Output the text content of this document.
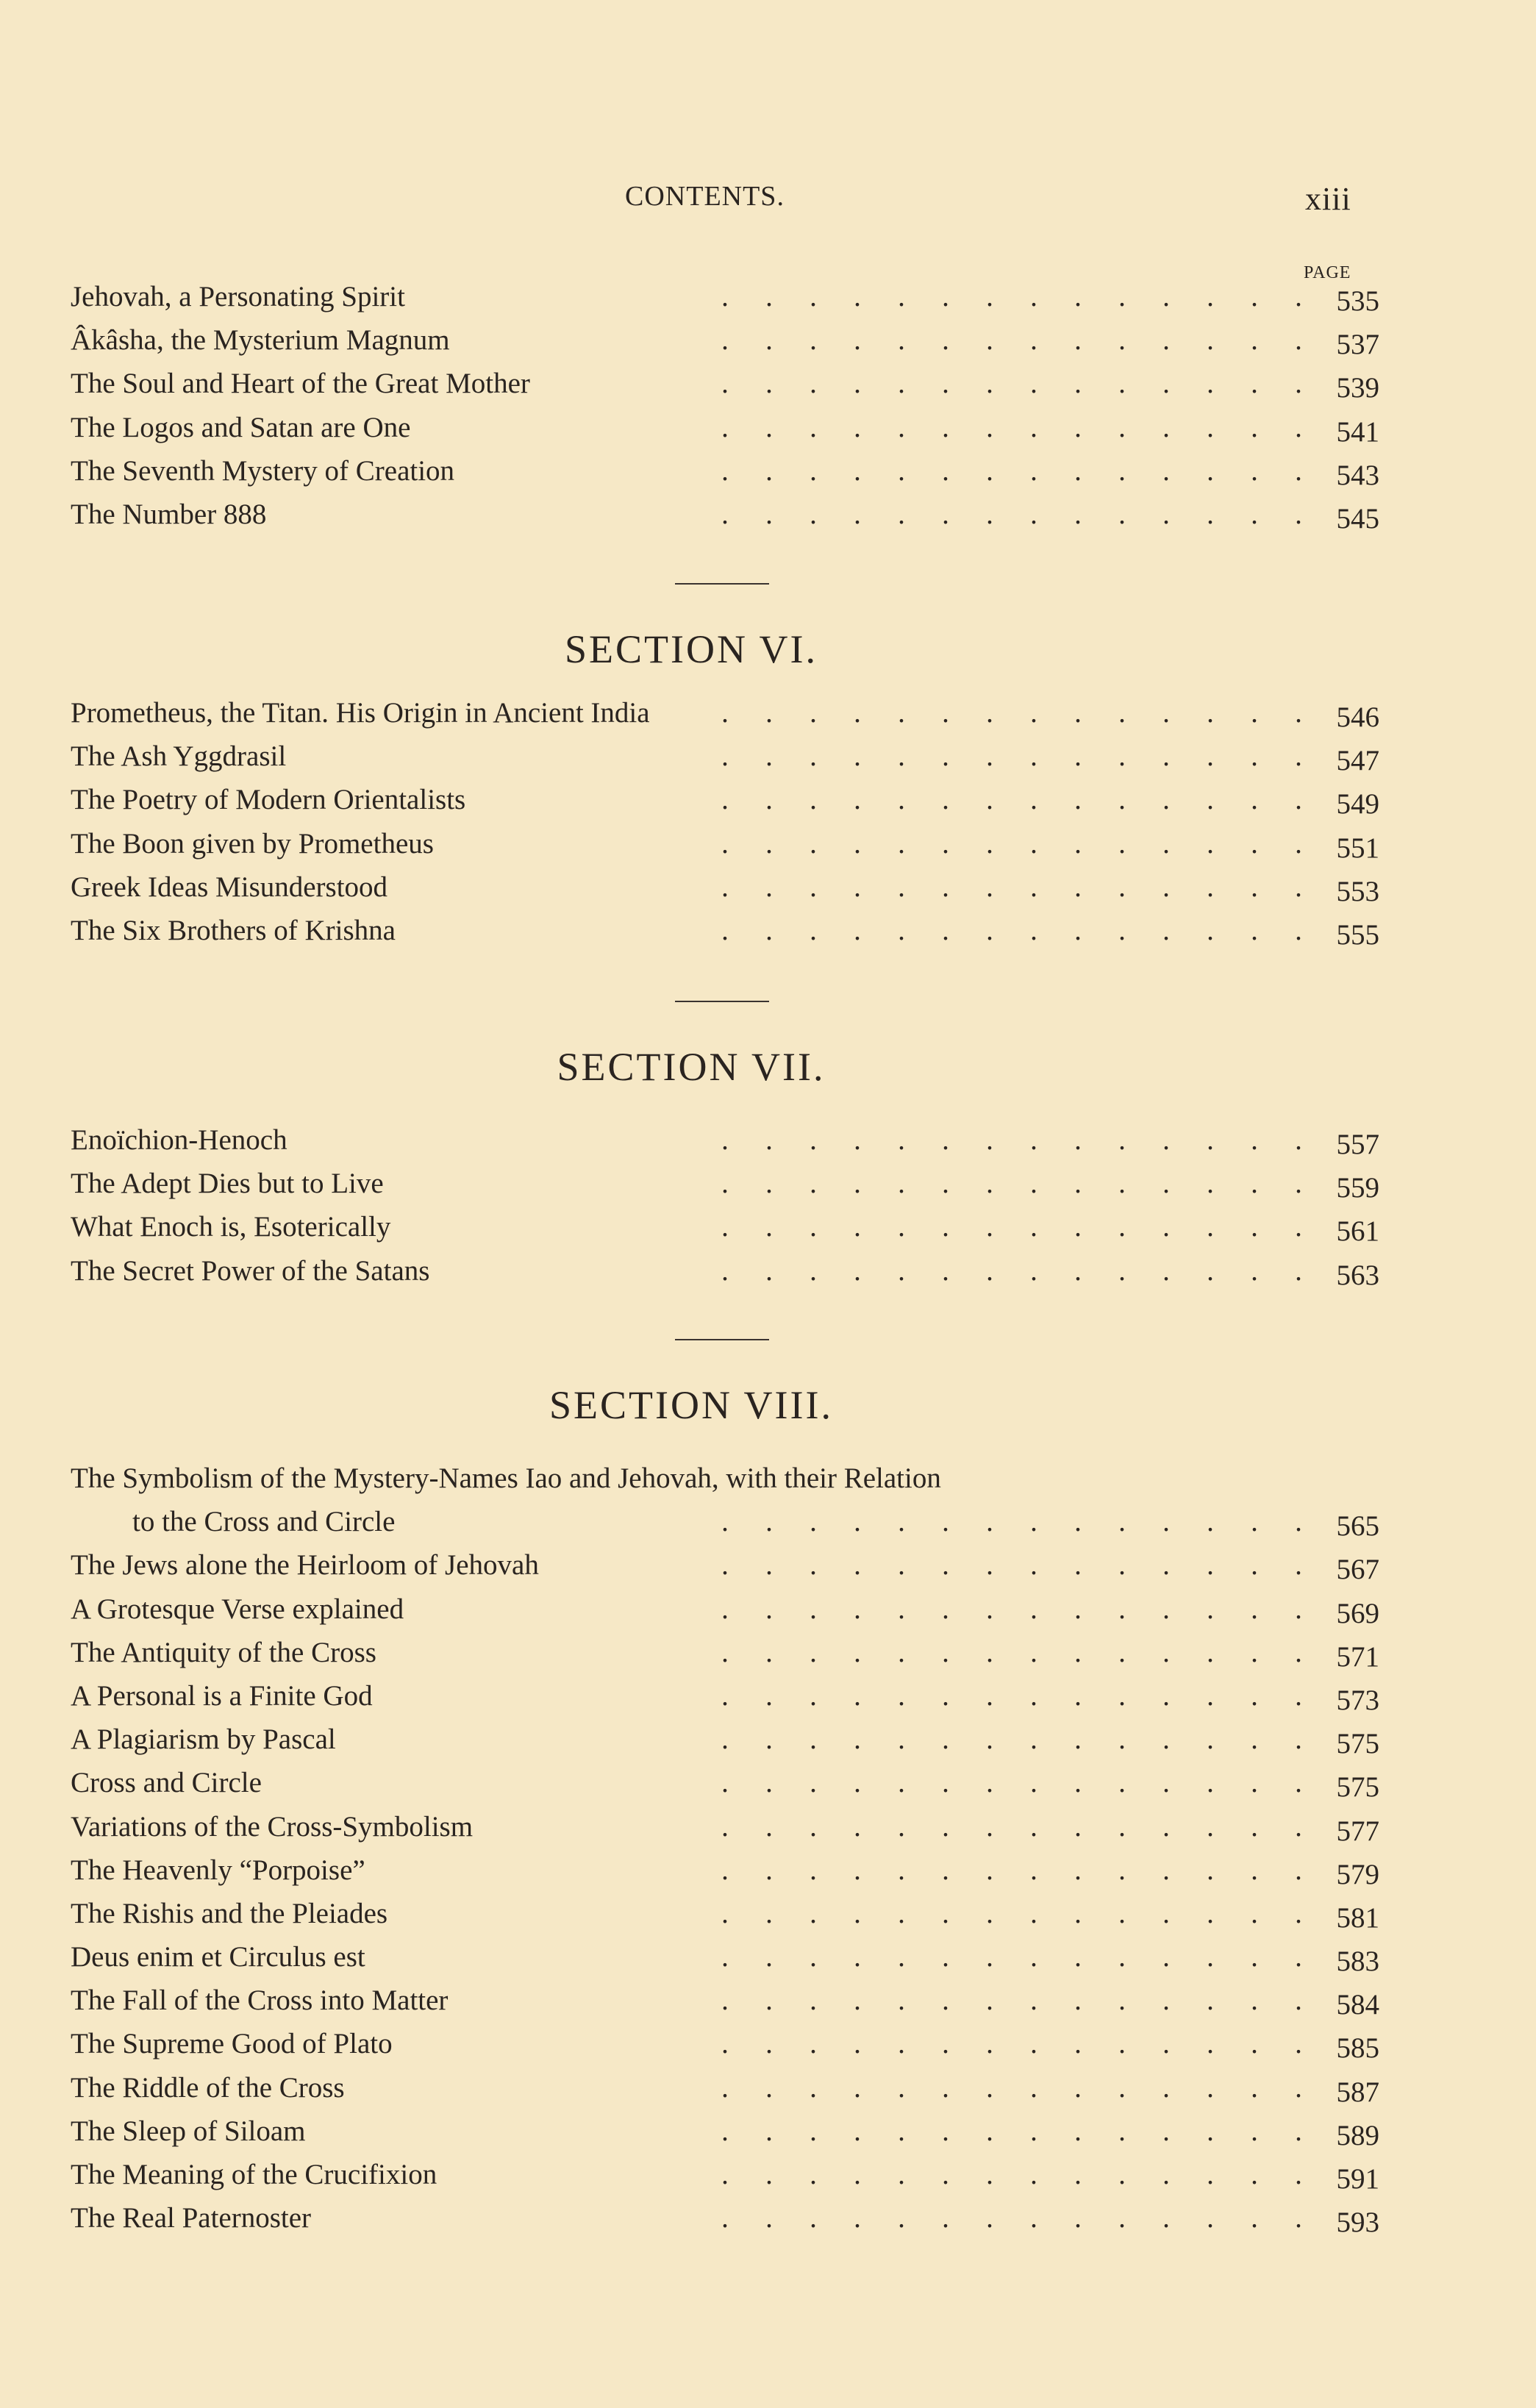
CONTENTS.	xiii
PAGE
SECTION VI.
SECTION VII.
SECTION VIII.
.	.	.	.	.	.	.	.	.	.	.	.	.	.
Jehovah, a Personating Spirit	535
.	.	.	.	.	.	.	.	.	.	.	.	.	.
Âkâsha, the Mysterium Magnum	537
.	.	.	.	.	.	.	.	.	.	.	.	.	.
The Soul and Heart of the Great Mother	539
.	.	.	.	.	.	.	.	.	.	.	.	.	.
The Logos and Satan are One	541
.	.	.	.	.	.	.	.	.	.	.	.	.	.
The Seventh Mystery of Creation	543
.	.	.	.	.	.	.	.	.	.	.	.	.	.
The Number 888	545
.	.	.	.	.	.	.	.	.	.	.	.	.	.
Prometheus, the Titan. His Origin in Ancient India	546
.	.	.	.	.	.	.	.	.	.	.	.	.	.
The Ash Yggdrasil	547
.	.	.	.	.	.	.	.	.	.	.	.	.	.
The Poetry of Modern Orientalists	549
.	.	.	.	.	.	.	.	.	.	.	.	.	.
The Boon given by Prometheus	551
.	.	.	.	.	.	.	.	.	.	.	.	.	.
Greek Ideas Misunderstood	553
.	.	.	.	.	.	.	.	.	.	.	.	.	.
The Six Brothers of Krishna	555
.	.	.	.	.	.	.	.	.	.	.	.	.	.
Enoïchion-Henoch	557
.	.	.	.	.	.	.	.	.	.	.	.	.	.
The Adept Dies but to Live	559
.	.	.	.	.	.	.	.	.	.	.	.	.	.
What Enoch is, Esoterically	561
.	.	.	.	.	.	.	.	.	.	.	.	.	.
The Secret Power of the Satans	563
The Symbolism of the Mystery-Names Iao and Jehovah, with their Relation
.	.	.	.	.	.	.	.	.	.	.	.	.	.
to the Cross and Circle	565
.	.	.	.	.	.	.	.	.	.	.	.	.	.
The Jews alone the Heirloom of Jehovah	567
.	.	.	.	.	.	.	.	.	.	.	.	.	.
A Grotesque Verse explained	569
.	.	.	.	.	.	.	.	.	.	.	.	.	.
The Antiquity of the Cross	571
.	.	.	.	.	.	.	.	.	.	.	.	.	.
A Personal is a Finite God	573
.	.	.	.	.	.	.	.	.	.	.	.	.	.
A Plagiarism by Pascal	575
.	.	.	.	.	.	.	.	.	.	.	.	.	.
Cross and Circle	575
.	.	.	.	.	.	.	.	.	.	.	.	.	.
Variations of the Cross-Symbolism	577
.	.	.	.	.	.	.	.	.	.	.	.	.	.
The Heavenly “Porpoise”	579
.	.	.	.	.	.	.	.	.	.	.	.	.	.
The Rishis and the Pleiades	581
.	.	.	.	.	.	.	.	.	.	.	.	.	.
Deus enim et Circulus est	583
.	.	.	.	.	.	.	.	.	.	.	.	.	.
The Fall of the Cross into Matter	584
.	.	.	.	.	.	.	.	.	.	.	.	.	.
The Supreme Good of Plato	585
.	.	.	.	.	.	.	.	.	.	.	.	.	.
The Riddle of the Cross	587
.	.	.	.	.	.	.	.	.	.	.	.	.	.
The Sleep of Siloam	589
.	.	.	.	.	.	.	.	.	.	.	.	.	.
The Meaning of the Crucifixion	591
.	.	.	.	.	.	.	.	.	.	.	.	.	.
The Real Paternoster	593
